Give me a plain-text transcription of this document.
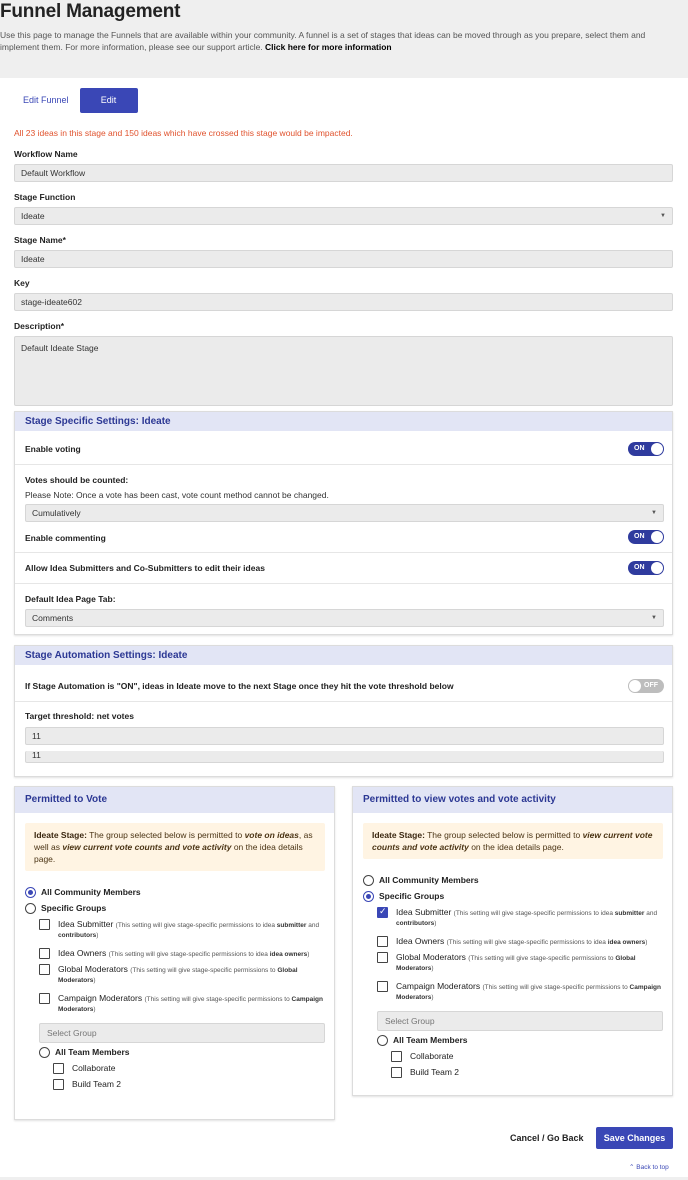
Funnel Management

Use this page to manage the Funnels that are available within your community. A funnel is a set of stages that ideas can be moved through as you prepare, select them and implement them. For more information, please see our support article. Click here for more information

Edit Funnel	Edit Stage
All 23 ideas in this stage and 150 ideas which have crossed this stage would be impacted.
Workflow Name
Default Workflow
Stage Function
Ideate	▼
Stage Name*
Ideate
Key
stage-ideate602
Description*
Default Ideate Stage
Stage Specific Settings: Ideate
Enable voting	ON
Votes should be counted:
Please Note: Once a vote has been cast, vote count method cannot be changed.
Cumulatively	▼
Enable commenting	ON
Allow Idea Submitters and Co-Submitters to edit their ideas	ON
Default Idea Page Tab:
Comments	▼
Stage Automation Settings: Ideate
If Stage Automation is "ON", ideas in Ideate move to the next Stage once they hit the vote threshold below	OFF
Target threshold: net votes
11
11
Permitted to Vote
Ideate Stage: The group selected below is permitted to vote on ideas, as well as view current vote counts and vote activity on the idea details page.
All Community Members
Specific Groups
Idea Submitter (This setting will give stage-specific permissions to idea submitter and contributors)
Idea Owners (This setting will give stage-specific permissions to idea idea owners)
Global Moderators (This setting will give stage-specific permissions to Global Moderators)
Campaign Moderators (This setting will give stage-specific permissions to Campaign Moderators)
Select Group
All Team Members
Collaborate
Build Team 2
Permitted to view votes and vote activity
Ideate Stage: The group selected below is permitted to view current vote counts and vote activity on the idea details page.
All Community Members
Specific Groups
✓
Idea Submitter (This setting will give stage-specific permissions to idea submitter and contributors)
Idea Owners (This setting will give stage-specific permissions to idea idea owners)
Global Moderators (This setting will give stage-specific permissions to Global Moderators)
Campaign Moderators (This setting will give stage-specific permissions to Campaign Moderators)
Select Group
All Team Members
Collaborate
Build Team 2
Cancel / Go Back	Save Changes
⌃ Back to top
